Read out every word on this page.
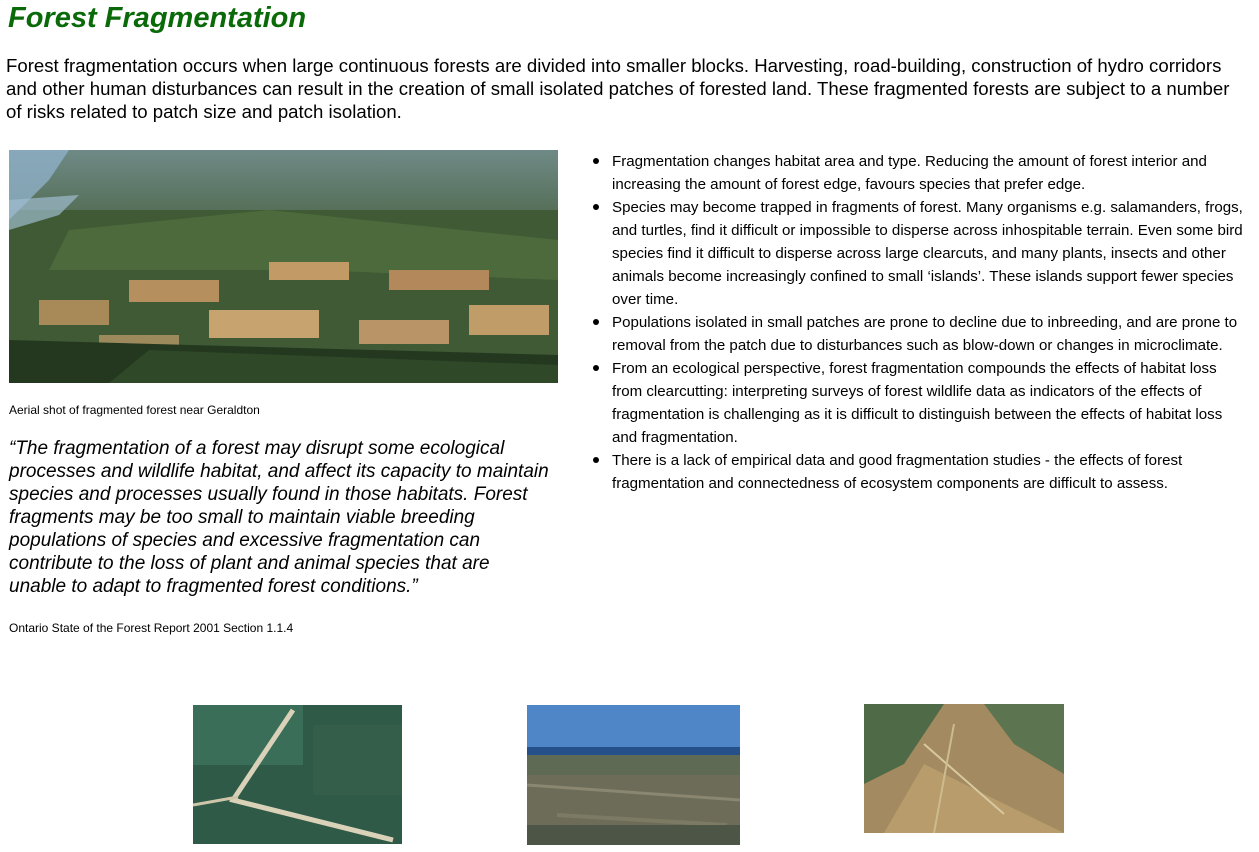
Forest Fragmentation

Forest fragmentation occurs when large continuous forests are divided into smaller blocks. Harvesting, road-building, construction of hydro corridors and other human disturbances can result in the creation of small isolated patches of forested land. These fragmented forests are subject to a number of risks related to patch size and patch isolation.

Aerial shot of fragmented forest near Geraldton

“The fragmentation of a forest may disrupt some ecological processes and wildlife habitat, and affect its capacity to maintain species and processes usually found in those habitats. Forest fragments may be too small to maintain viable breeding populations of species and excessive fragmentation can contribute to the loss of plant and animal species that are unable to adapt to fragmented forest conditions.”

Ontario State of the Forest Report 2001 Section 1.1.4

Fragmentation changes habitat area and type. Reducing the amount of forest interior and increasing the amount of forest edge, favours species that prefer edge.
Species may become trapped in fragments of forest. Many organisms e.g. salamanders, frogs, and turtles, find it difficult or impossible to disperse across inhospitable terrain. Even some bird species find it difficult to disperse across large clearcuts, and many plants, insects and other animals become increasingly confined to small ‘islands’. These islands support fewer species over time.
Populations isolated in small patches are prone to decline due to inbreeding, and are prone to removal from the patch due to disturbances such as blow-down or changes in microclimate.
From an ecological perspective, forest fragmentation compounds the effects of habitat loss from clearcutting: interpreting surveys of forest wildlife data as indicators of the effects of fragmentation is challenging as it is difficult to distinguish between the effects of habitat loss and fragmentation.
There is a lack of empirical data and good fragmentation studies - the effects of forest fragmentation and connectedness of ecosystem components are difficult to assess.
